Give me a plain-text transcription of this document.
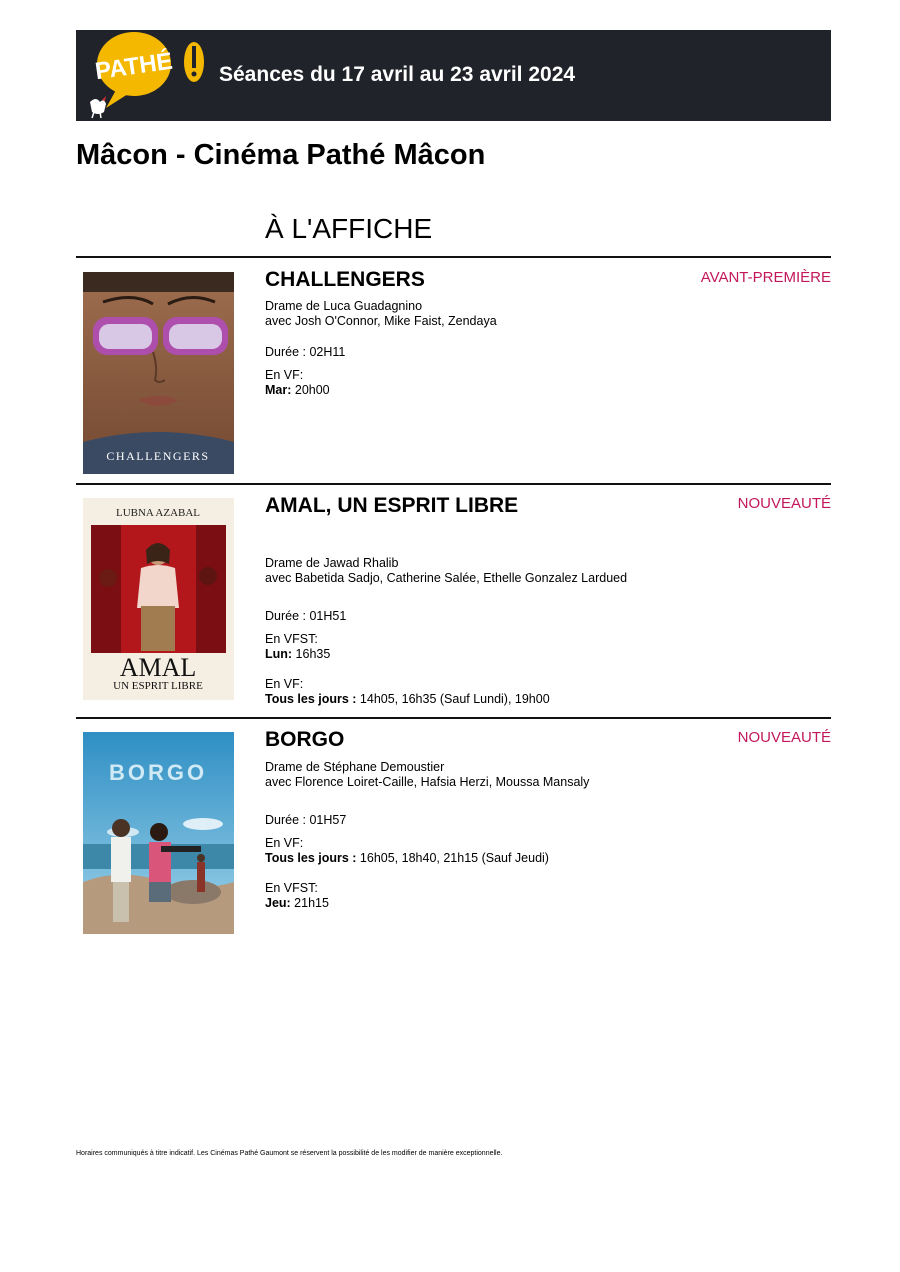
PATHÉ Séances du 17 avril au 23 avril 2024
Mâcon - Cinéma Pathé Mâcon
À L'AFFICHE
CHALLENGERS
CHALLENGERS	AVANT-PREMIÈRE
Drame de Luca Guadagnino
avec Josh O'Connor, Mike Faist, Zendaya
Durée : 02H11
En VF:
Mar: 20h00
LUBNA AZABAL
AMAL
UN ESPRIT LIBRE
AMAL, UN ESPRIT LIBRE	NOUVEAUTÉ
Drame de Jawad Rhalib
avec Babetida Sadjo, Catherine Salée, Ethelle Gonzalez Lardued
Durée : 01H51
En VFST:
Lun: 16h35
En VF:
Tous les jours : 14h05, 16h35 (Sauf Lundi), 19h00
BORGO
BORGO	NOUVEAUTÉ
Drame de Stéphane Demoustier
avec Florence Loiret-Caille, Hafsia Herzi, Moussa Mansaly
Durée : 01H57
En VF:
Tous les jours : 16h05, 18h40, 21h15 (Sauf Jeudi)
En VFST:
Jeu: 21h15
Horaires communiqués à titre indicatif. Les Cinémas Pathé Gaumont se réservent la possibilité de les modifier de manière exceptionnelle.
